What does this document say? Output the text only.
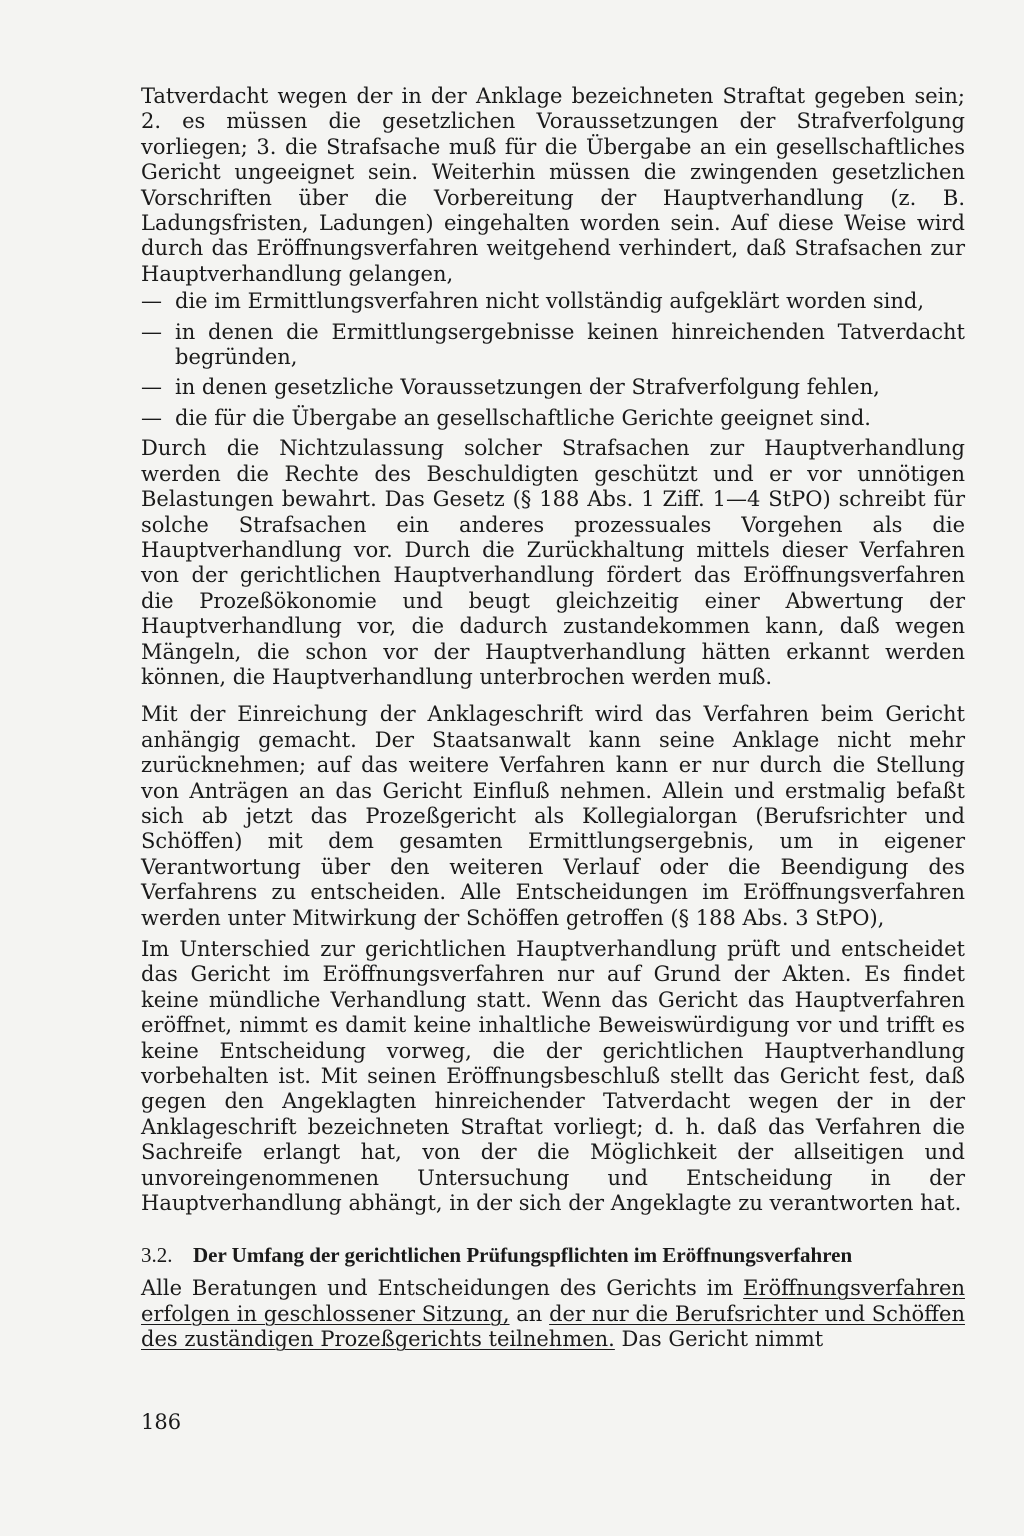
Tatverdacht wegen der in der Anklage bezeichneten Straftat gegeben sein; 2. es müssen die gesetzlichen Voraussetzungen der Strafverfolgung vorliegen; 3. die Strafsache muß für die Übergabe an ein gesellschaftliches Gericht ungeeignet sein. Weiterhin müssen die zwingenden gesetzlichen Vorschriften über die Vorbereitung der Hauptverhandlung (z. B. Ladungsfristen, Ladungen) eingehalten worden sein. Auf diese Weise wird durch das Eröffnungsverfahren weitgehend verhindert, daß Strafsachen zur Hauptverhandlung gelangen,

— die im Ermittlungsverfahren nicht vollständig aufgeklärt worden sind,
— in denen die Ermittlungsergebnisse keinen hinreichenden Tatverdacht begründen,
— in denen gesetzliche Voraussetzungen der Strafverfolgung fehlen,
— die für die Übergabe an gesellschaftliche Gerichte geeignet sind.

Durch die Nichtzulassung solcher Strafsachen zur Hauptverhandlung werden die Rechte des Beschuldigten geschützt und er vor unnötigen Belastungen bewahrt. Das Gesetz (§ 188 Abs. 1 Ziff. 1—4 StPO) schreibt für solche Strafsachen ein anderes prozessuales Vorgehen als die Hauptverhandlung vor. Durch die Zurückhaltung mittels dieser Verfahren von der gerichtlichen Hauptverhandlung fördert das Eröffnungsverfahren die Prozeßökonomie und beugt gleichzeitig einer Abwertung der Hauptverhandlung vor, die dadurch zustandekommen kann, daß wegen Mängeln, die schon vor der Hauptverhandlung hätten erkannt werden können, die Hauptverhandlung unterbrochen werden muß.

Mit der Einreichung der Anklageschrift wird das Verfahren beim Gericht anhängig gemacht. Der Staatsanwalt kann seine Anklage nicht mehr zurücknehmen; auf das weitere Verfahren kann er nur durch die Stellung von Anträgen an das Gericht Einfluß nehmen. Allein und erstmalig befaßt sich ab jetzt das Prozeßgericht als Kollegialorgan (Berufsrichter und Schöffen) mit dem gesamten Ermittlungsergebnis, um in eigener Verantwortung über den weiteren Verlauf oder die Beendigung des Verfahrens zu entscheiden. Alle Entscheidungen im Eröffnungsverfahren werden unter Mitwirkung der Schöffen getroffen (§ 188 Abs. 3 StPO),

Im Unterschied zur gerichtlichen Hauptverhandlung prüft und entscheidet das Gericht im Eröffnungsverfahren nur auf Grund der Akten. Es findet keine mündliche Verhandlung statt. Wenn das Gericht das Hauptverfahren eröffnet, nimmt es damit keine inhaltliche Beweiswürdigung vor und trifft es keine Entscheidung vorweg, die der gerichtlichen Hauptverhandlung vorbehalten ist. Mit seinen Eröffnungsbeschluß stellt das Gericht fest, daß gegen den Angeklagten hinreichender Tatverdacht wegen der in der Anklageschrift bezeichneten Straftat vorliegt; d. h. daß das Verfahren die Sachreife erlangt hat, von der die Möglichkeit der allseitigen und unvoreingenommenen Untersuchung und Entscheidung in der Hauptverhandlung abhängt, in der sich der Angeklagte zu verantworten hat.

3.2. Der Umfang der gerichtlichen Prüfungspflichten im Eröffnungsverfahren

Alle Beratungen und Entscheidungen des Gerichts im Eröffnungsverfahren erfolgen in geschlossener Sitzung, an der nur die Berufsrichter und Schöffen des zuständigen Prozeßgerichts teilnehmen. Das Gericht nimmt

186
